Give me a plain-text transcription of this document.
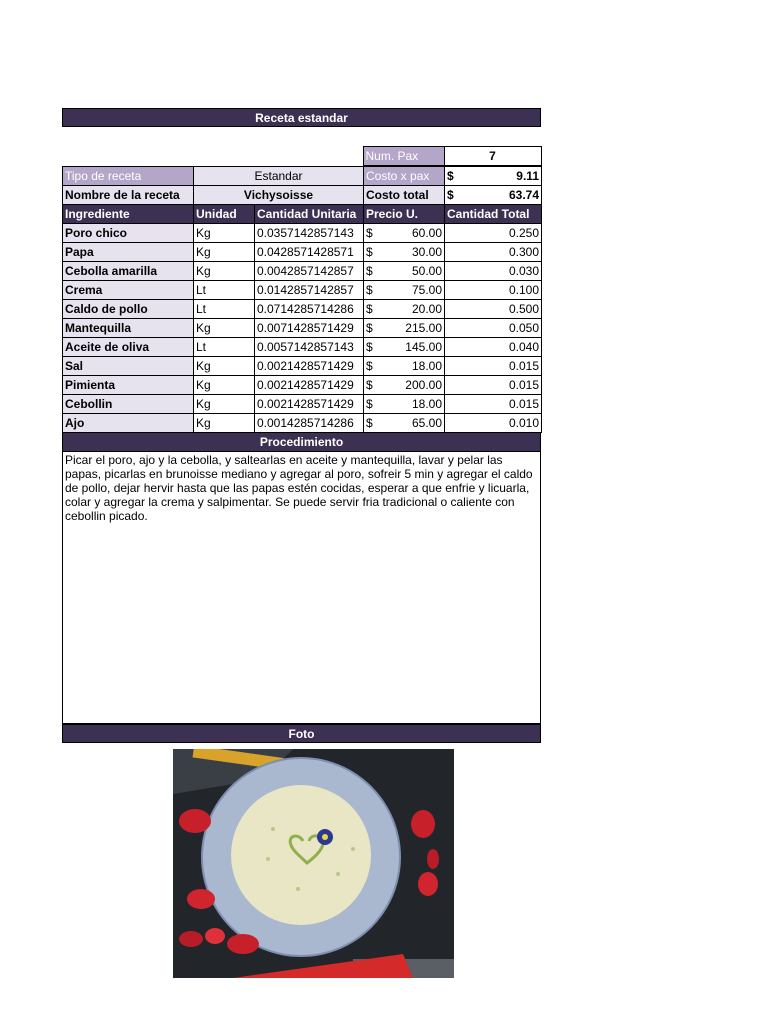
Receta estandar
	Num. Pax	7
Tipo de receta	Estandar		Costo x pax	$ 9.11

Nombre de la receta	Vichysoisse		Costo total	$ 63.74

Ingrediente	Unidad	Cantidad Unitaria	Precio U.	Cantidad Total
Poro chico	Kg	0.0357142857143	$ 60.00	0.250
Papa	Kg	0.0428571428571	$ 30.00	0.300
Cebolla amarilla	Kg	0.0042857142857	$ 50.00	0.030
Crema	Lt	0.0142857142857	$ 75.00	0.100
Caldo de pollo	Lt	0.0714285714286	$ 20.00	0.500
Mantequilla	Kg	0.0071428571429	$ 215.00	0.050
Aceite de oliva	Lt	0.0057142857143	$ 145.00	0.040
Sal	Kg	0.0021428571429	$ 18.00	0.015
Pimienta	Kg	0.0021428571429	$ 200.00	0.015
Cebollin	Kg	0.0021428571429	$ 18.00	0.015
Ajo	Kg	0.0014285714286	$ 65.00	0.010
Procedimiento
Picar el poro, ajo y la cebolla, y saltearlas en aceite y mantequilla, lavar y pelar las papas, picarlas en brunoisse mediano y agregar al poro, sofreir 5 min y agregar el caldo de pollo, dejar hervir hasta que las papas estén cocidas, esperar a que enfrie y licuarla, colar y agregar la crema y salpimentar. Se puede servir fria tradicional o caliente con cebollin picado.
Foto
